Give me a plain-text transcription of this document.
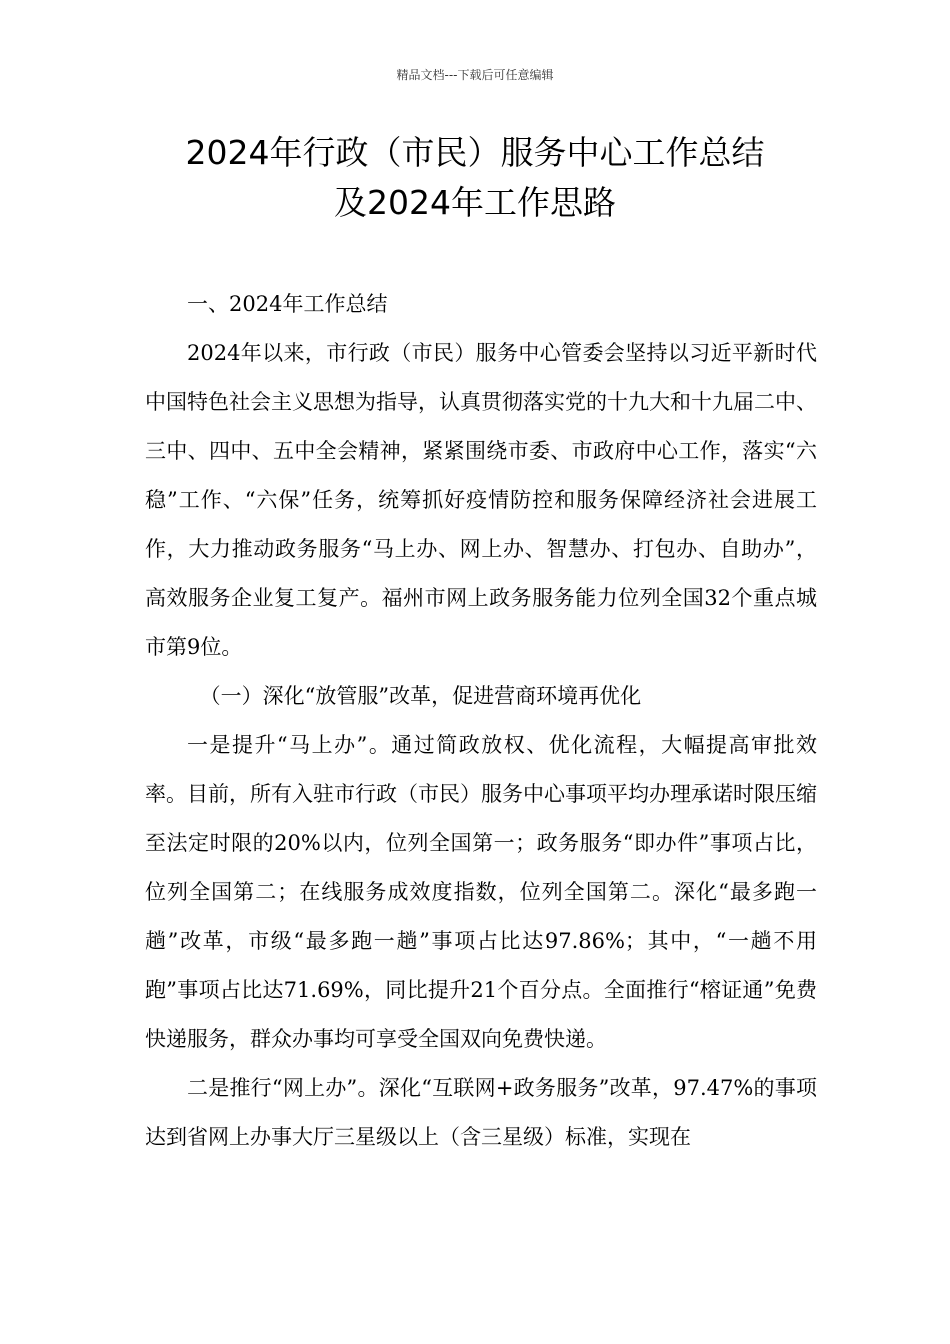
精品文档---下载后可任意编辑
2024年行政（市民）服务中心工作总结
及2024年工作思路

一、2024年工作总结

2024年以来，市行政（市民）服务中心管委会坚持以习近平新时代中国特色社会主义思想为指导，认真贯彻落实党的十九大和十九届二中、三中、四中、五中全会精神，紧紧围绕市委、市政府中心工作，落实“六稳”工作、“六保”任务，统筹抓好疫情防控和服务保障经济社会进展工作，大力推动政务服务“马上办、网上办、智慧办、打包办、自助办”，高效服务企业复工复产。福州市网上政务服务能力位列全国32个重点城市第9位。

（一）深化“放管服”改革，促进营商环境再优化

一是提升“马上办”。通过简政放权、优化流程，大幅提高审批效率。目前，所有入驻市行政（市民）服务中心事项平均办理承诺时限压缩至法定时限的20%以内，位列全国第一；政务服务“即办件”事项占比，位列全国第二；在线服务成效度指数，位列全国第二。深化“最多跑一趟”改革，市级“最多跑一趟”事项占比达97.86%；其中，“一趟不用跑”事项占比达71.69%，同比提升21个百分点。全面推行“榕证通”免费快递服务，群众办事均可享受全国双向免费快递。

二是推行“网上办”。深化“互联网+政务服务”改革，97.47%的事项达到省网上办事大厅三星级以上（含三星级）标准，实现在
